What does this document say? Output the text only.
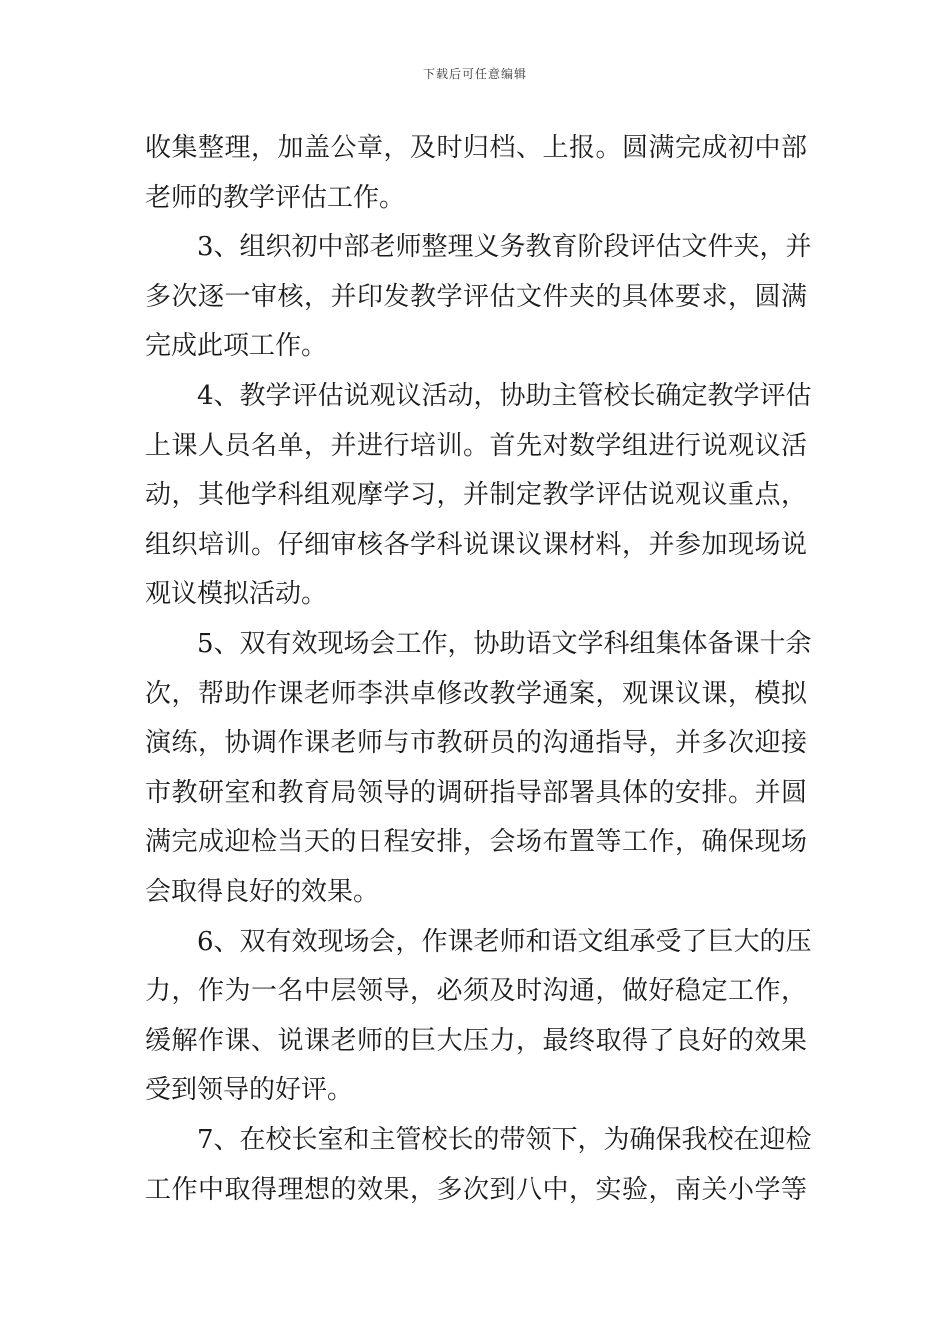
下载后可任意编辑
收集整理，加盖公章，及时归档、上报。圆满完成初中部
老师的教学评估工作。
3、组织初中部老师整理义务教育阶段评估文件夹，并
多次逐一审核，并印发教学评估文件夹的具体要求，圆满
完成此项工作。
4、教学评估说观议活动，协助主管校长确定教学评估
上课人员名单，并进行培训。首先对数学组进行说观议活
动，其他学科组观摩学习，并制定教学评估说观议重点，
组织培训。仔细审核各学科说课议课材料，并参加现场说
观议模拟活动。
5、双有效现场会工作，协助语文学科组集体备课十余
次，帮助作课老师李洪卓修改教学通案，观课议课，模拟
演练，协调作课老师与市教研员的沟通指导，并多次迎接
市教研室和教育局领导的调研指导部署具体的安排。并圆
满完成迎检当天的日程安排，会场布置等工作，确保现场
会取得良好的效果。
6、双有效现场会，作课老师和语文组承受了巨大的压
力，作为一名中层领导，必须及时沟通，做好稳定工作，
缓解作课、说课老师的巨大压力，最终取得了良好的效果
受到领导的好评。
7、在校长室和主管校长的带领下，为确保我校在迎检
工作中取得理想的效果，多次到八中，实验，南关小学等
